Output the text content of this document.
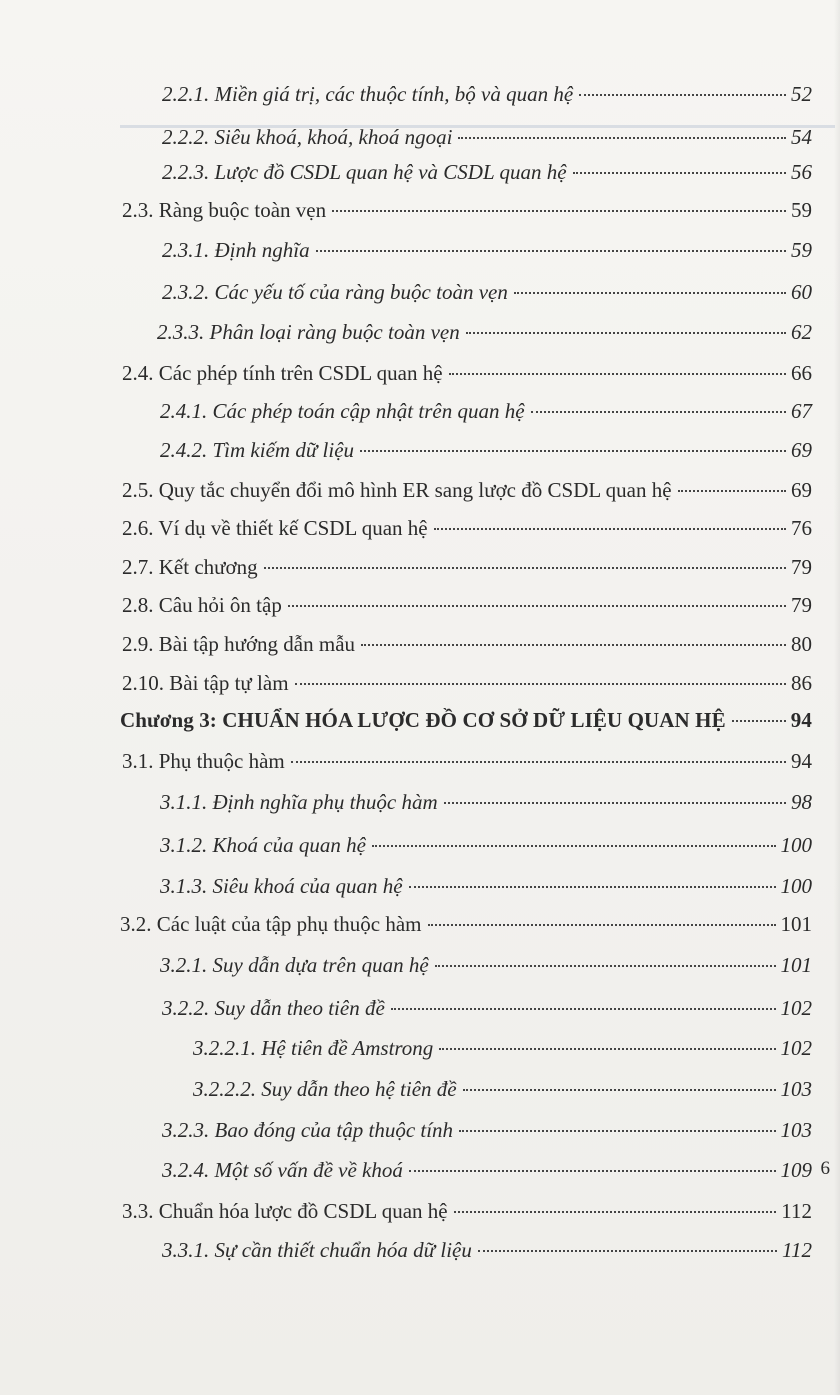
2.2.1. Miền giá trị, các thuộc tính, bộ và quan hệ	52
2.2.2. Siêu khoá, khoá, khoá ngoại	54
2.2.3. Lược đồ CSDL quan hệ và CSDL quan hệ	56
2.3. Ràng buộc toàn vẹn	59
2.3.1. Định nghĩa	59
2.3.2. Các yếu tố của ràng buộc toàn vẹn	60
2.3.3. Phân loại ràng buộc toàn vẹn	62
2.4. Các phép tính trên CSDL quan hệ	66
2.4.1. Các phép toán cập nhật trên quan hệ	67
2.4.2. Tìm kiếm dữ liệu	69
2.5. Quy tắc chuyển đổi mô hình ER sang lược đồ CSDL quan hệ	69
2.6. Ví dụ về thiết kế CSDL quan hệ	76
2.7. Kết chương	79
2.8. Câu hỏi ôn tập	79
2.9. Bài tập hướng dẫn mẫu	80
2.10. Bài tập tự làm	86
Chương 3: CHUẨN HÓA LƯỢC ĐỒ CƠ SỞ DỮ LIỆU QUAN HỆ	94
3.1. Phụ thuộc hàm	94
3.1.1. Định nghĩa phụ thuộc hàm	98
3.1.2. Khoá của quan hệ	100
3.1.3. Siêu khoá của quan hệ	100
3.2. Các luật của tập phụ thuộc hàm	101
3.2.1. Suy dẫn dựa trên quan hệ	101
3.2.2. Suy dẫn theo tiên đề	102
3.2.2.1. Hệ tiên đề Amstrong	102
3.2.2.2. Suy dẫn theo hệ tiên đề	103
3.2.3. Bao đóng của tập thuộc tính	103
3.2.4. Một số vấn đề về khoá	109
3.3. Chuẩn hóa lược đồ CSDL quan hệ	112
3.3.1. Sự cần thiết chuẩn hóa dữ liệu	112
6
